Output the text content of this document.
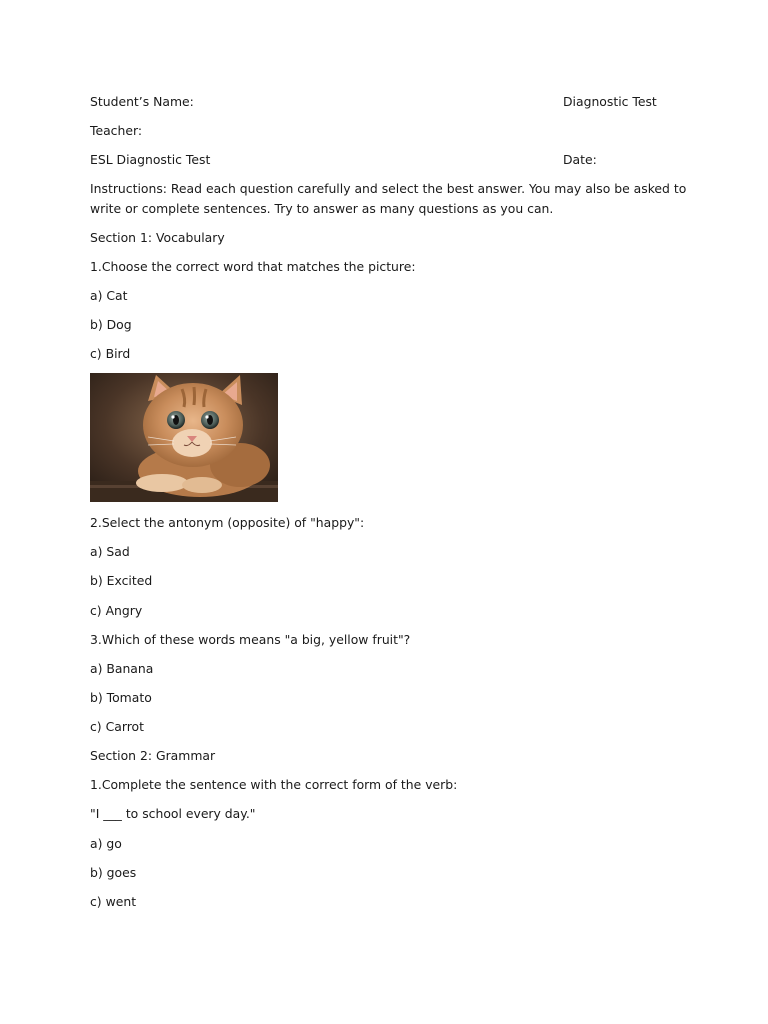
Student’s Name:	Diagnostic Test
Teacher:
ESL Diagnostic Test	Date:
Instructions: Read each question carefully and select the best answer. You may also be asked to write or complete sentences. Try to answer as many questions as you can.
Section 1: Vocabulary
1.Choose the correct word that matches the picture:
a) Cat
b) Dog
c) Bird
2.Select the antonym (opposite) of "happy":
a) Sad
b) Excited
c) Angry
3.Which of these words means "a big, yellow fruit"?
a) Banana
b) Tomato
c) Carrot
Section 2: Grammar
1.Complete the sentence with the correct form of the verb:
"I ___ to school every day."
a) go
b) goes
c) went
